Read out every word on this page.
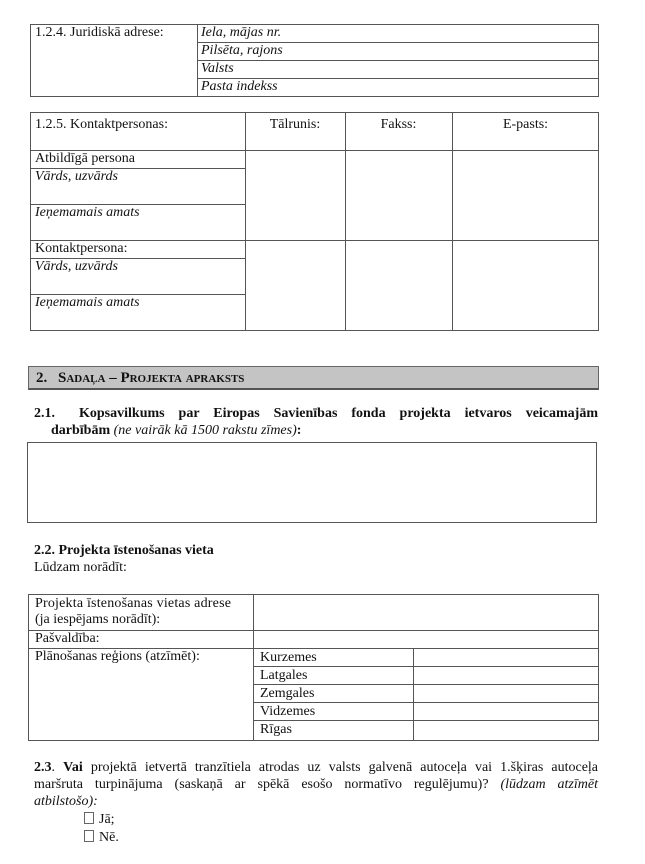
1.2.4. Juridiskā adrese:	Iela, mājas nr.
Pilsēta, rajons
Valsts
Pasta indekss
1.2.5. Kontaktpersonas:	Tālrunis:	Fakss:	E-pasts:
Atbildīgā persona
Vārds, uzvārds
Ieņemamais amats
Kontaktpersona:
Vārds, uzvārds
Ieņemamais amats
2. Sadaļa – Projekta apraksts
2.1. Kopsavilkums par Eiropas Savienības fonda projekta ietvaros veicamajām
darbībām (ne vairāk kā 1500 rakstu zīmes):
2.2. Projekta īstenošanas vieta
Lūdzam norādīt:
Projekta īstenošanas vietas adrese
(ja iespējams norādīt):
Pašvaldība:
Plānošanas reģions (atzīmēt):	Kurzemes
Latgales
Zemgales
Vidzemes
Rīgas
2.3. Vai projektā ietvertā tranzītiela atrodas uz valsts galvenā autoceļa vai 1.šķiras autoceļa
maršruta turpinājuma (saskaņā ar spēkā esošo normatīvo regulējumu)? (lūdzam atzīmēt
atbilstošo):
Jā;
Nē.
